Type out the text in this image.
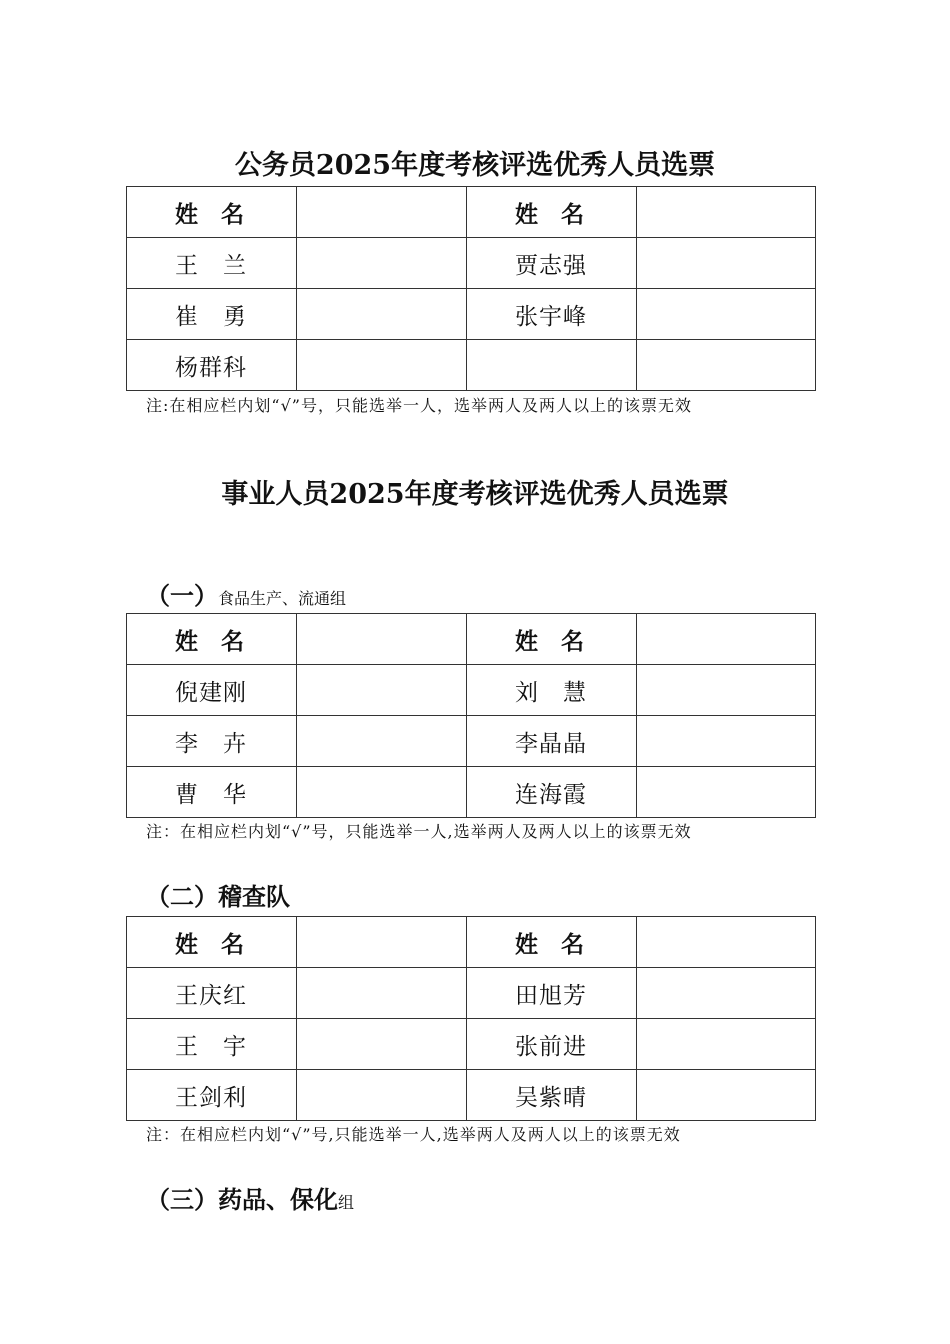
公务员2025年度考核评选优秀人员选票
姓　名		姓　名	
王　兰		贾志强	
崔　勇		张宇峰	
杨群科			
注:在相应栏内划“√”号，只能选举一人，选举两人及两人以上的该票无效
事业人员2025年度考核评选优秀人员选票
（一）食品生产、流通组
姓　名		姓　名	
倪建刚		刘　慧	
李　卉		李晶晶	
曹　华		连海霞	
注：在相应栏内划“√”号，只能选举一人,选举两人及两人以上的该票无效
（二）稽查队
姓　名		姓　名	
王庆红		田旭芳	
王　宇		张前进	
王剑利		吴紫晴	
注：在相应栏内划“√”号,只能选举一人,选举两人及两人以上的该票无效
（三）药品、保化组
